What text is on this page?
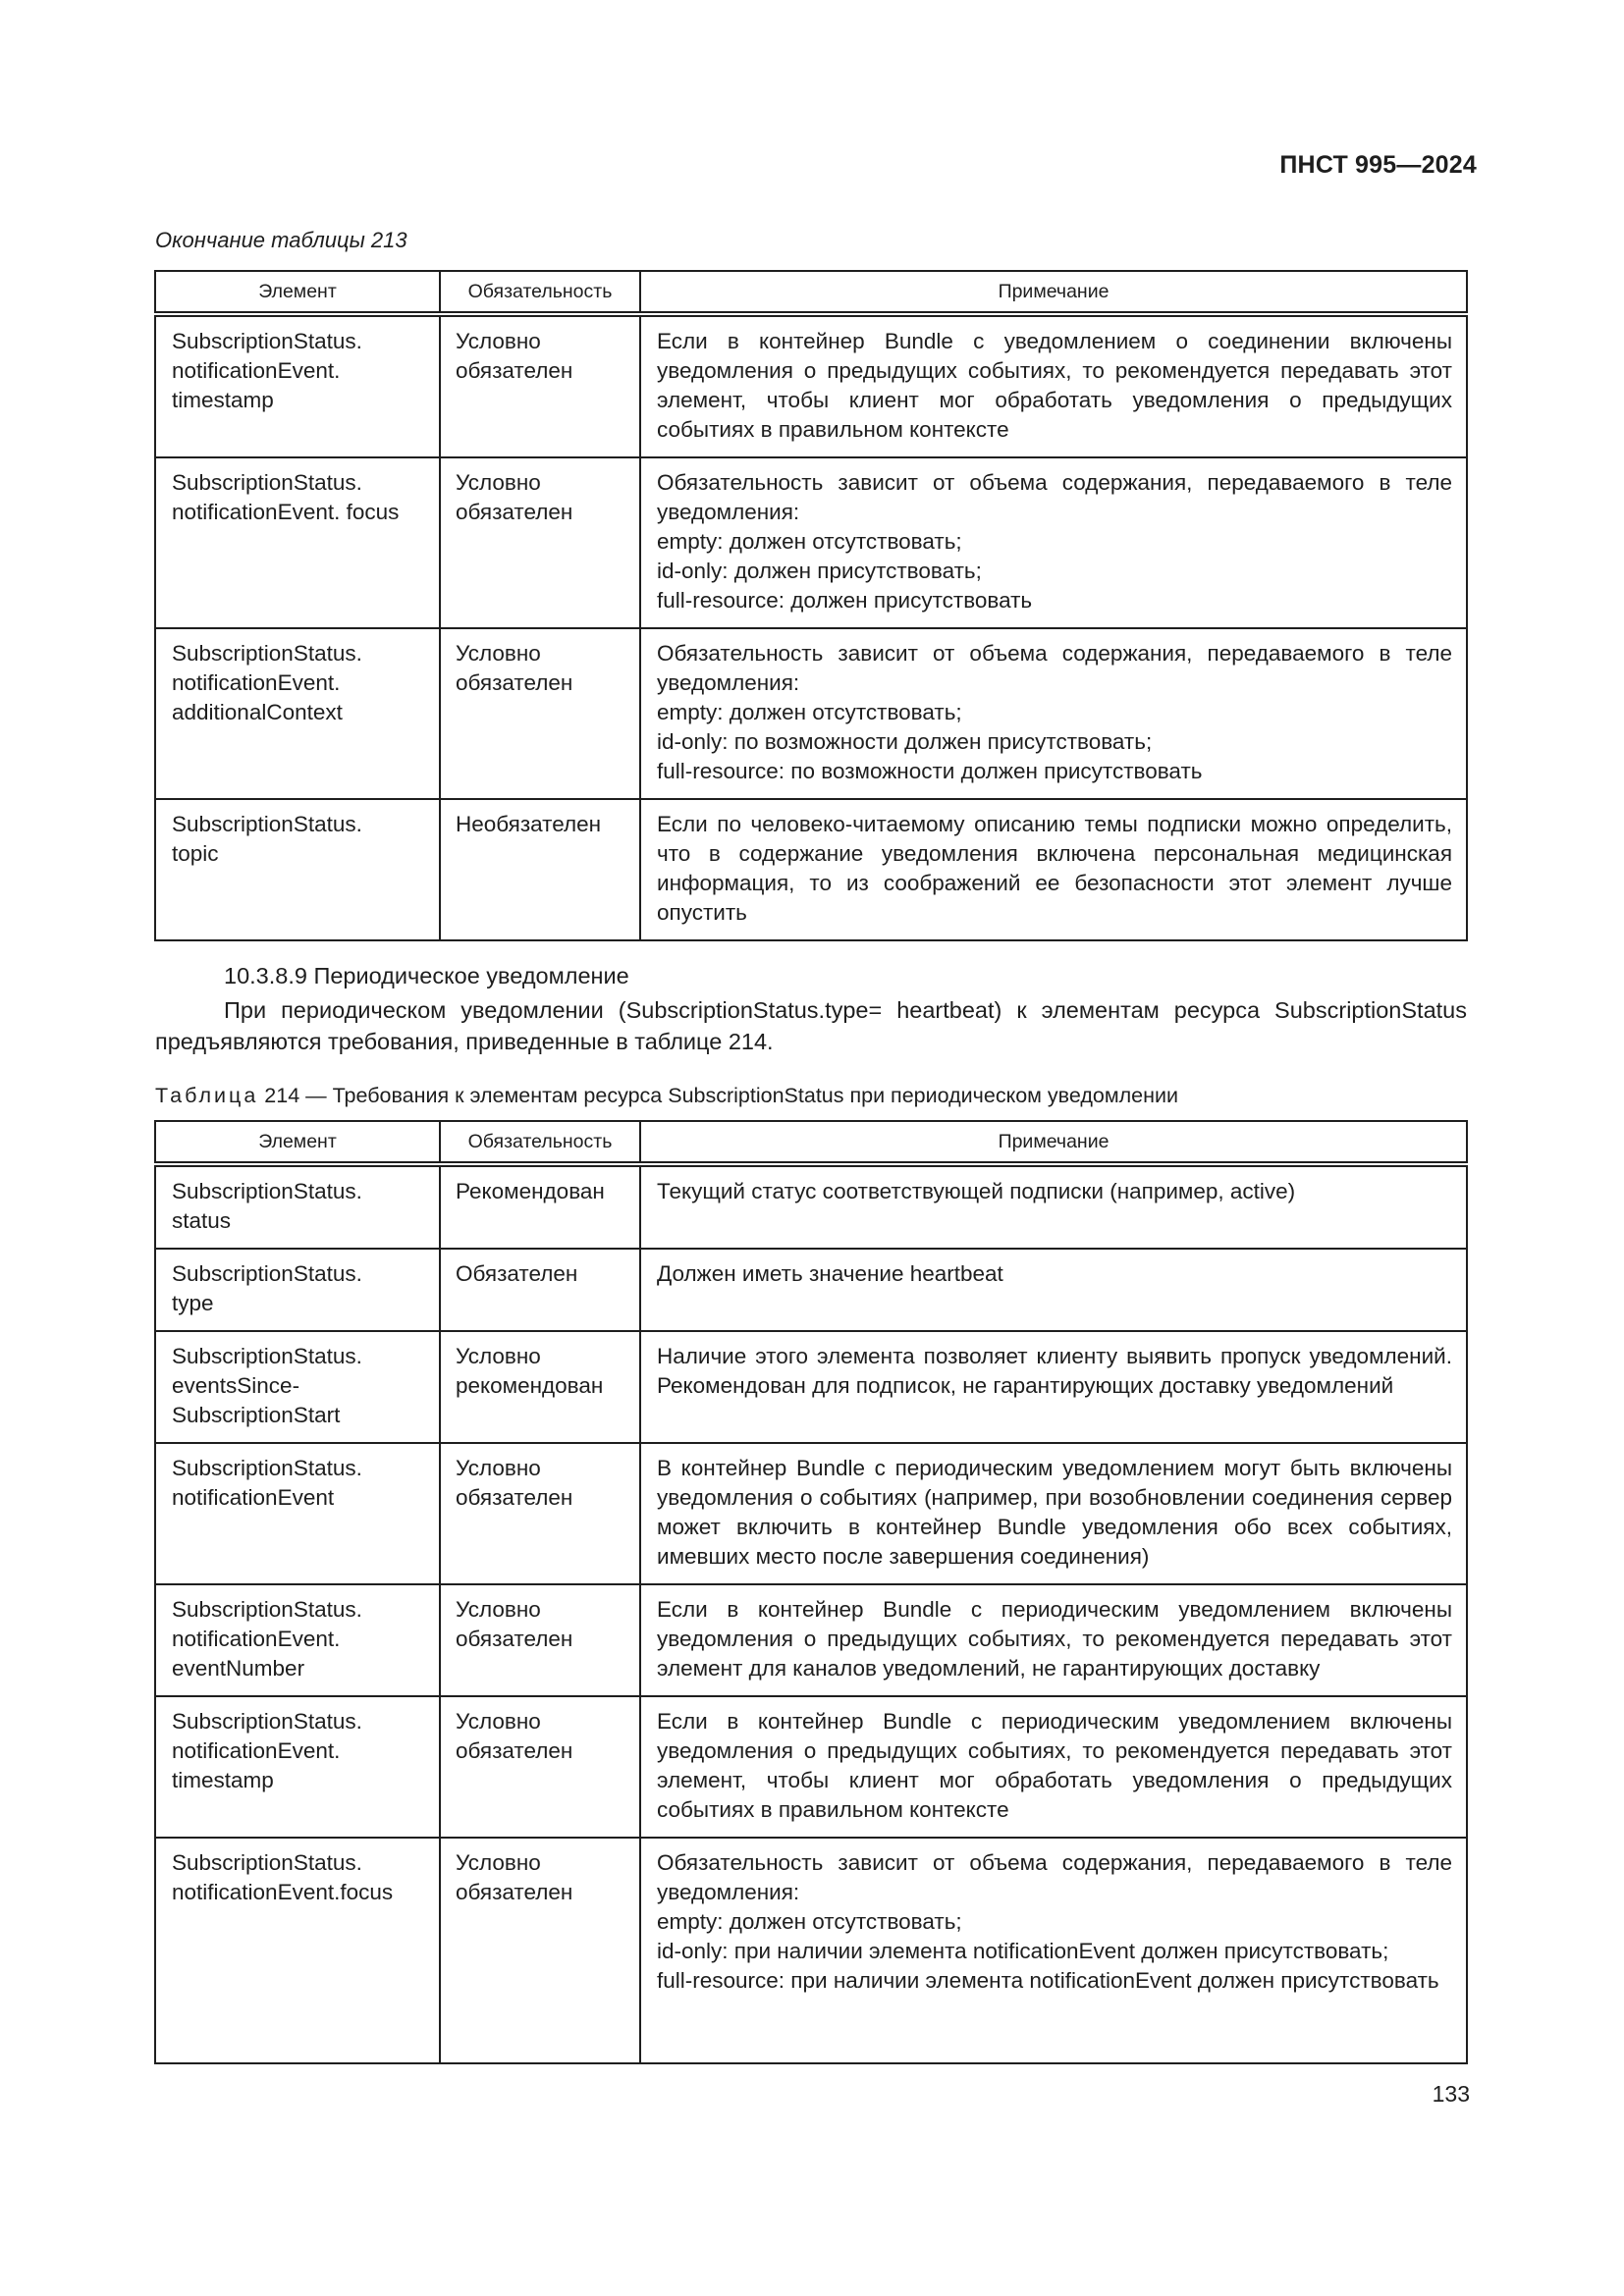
ПНСТ 995—2024
Окончание таблицы 213
Элемент	Обязательность	Примечание

SubscriptionStatus.
notificationEvent.
timestamp
	Условно обязателен	
Если в контейнер Bundle с уведомлением о соединении включены уведомления о предыдущих событиях, то рекомендуется передавать этот элемент, чтобы клиент мог обработать уведомления о предыдущих событиях в правильном контексте

SubscriptionStatus.
notificationEvent. focus	Условно обязателен	Обязательность зависит от объема содержания, передаваемого в теле уведомления:
empty: должен отсутствовать;
id-only: должен присутствовать;
full-resource: должен присутствовать

SubscriptionStatus.
notificationEvent.
additionalContext
	Условно обязателен	
Обязательность зависит от объема содержания, передаваемого в теле уведомления:
empty: должен отсутствовать;
id-only: по возможности должен присутствовать;
full-resource: по возможности должен присутствовать

SubscriptionStatus.
topic	Необязателен	Если по человеко-читаемому описанию темы подписки можно определить, что в содержание уведомления включена персональная медицинская информация, то из соображений ее безопасности этот элемент лучше опустить
10.3.8.9 Периодическое уведомление
При периодическом уведомлении (SubscriptionStatus.type= heartbeat) к элементам ресурса SubscriptionStatus предъявляются требования, приведенные в таблице 214.
Таблица 214 — Требования к элементам ресурса SubscriptionStatus при периодическом уведомлении
Элемент	Обязательность	Примечание

SubscriptionStatus.
status	Рекомендован	Текущий статус соответствующей подписки (например, active)

SubscriptionStatus.
type	Обязателен	Должен иметь значение heartbeat

SubscriptionStatus.
eventsSince-
SubscriptionStart	Условно рекомендован	Наличие этого элемента позволяет клиенту выявить пропуск уведомлений. Рекомендован для подписок, не гарантирующих доставку уведомлений

SubscriptionStatus.
notificationEvent	Условно обязателен	В контейнер Bundle с периодическим уведомлением могут быть включены уведомления о событиях (например, при возобновлении соединения сервер может включить в контейнер Bundle уведомления обо всех событиях, имевших место после завершения соединения)

SubscriptionStatus.
notificationEvent.
eventNumber	Условно обязателен	Если в контейнер Bundle с периодическим уведомлением включены уведомления о предыдущих событиях, то рекомендуется передавать этот элемент для каналов уведомлений, не гарантирующих доставку

SubscriptionStatus.
notificationEvent.
timestamp
	Условно обязателен	
Если в контейнер Bundle с периодическим уведомлением включены уведомления о предыдущих событиях, то рекомендуется передавать этот элемент, чтобы клиент мог обработать уведомления о предыдущих событиях в правильном контексте

SubscriptionStatus.
notificationEvent.focus	Условно обязателен	Обязательность зависит от объема содержания, передаваемого в теле уведомления:
empty: должен отсутствовать;
id-only: при наличии элемента notificationEvent должен присутствовать;
full-resource: при наличии элемента notificationEvent должен присутствовать
133
